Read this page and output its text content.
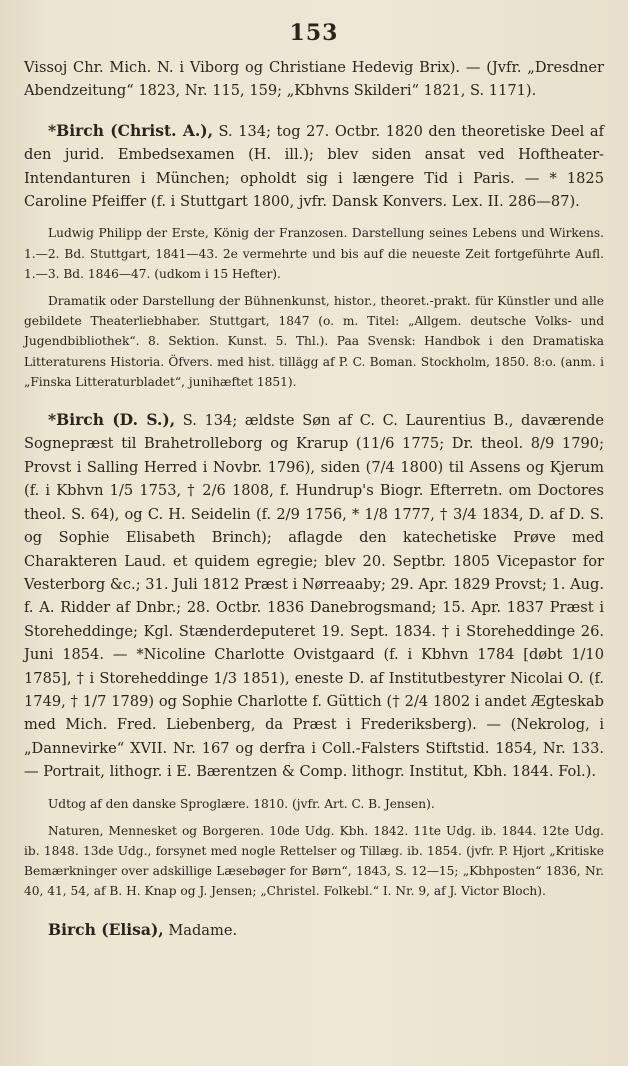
153

Vissoj Chr. Mich. N. i Viborg og Christiane Hedevig Brix). — (Jvfr. „Dresdner Abendzeitung“ 1823, Nr. 115, 159; „Kbhvns Skilderi“ 1821, S. 1171).

*Birch (Christ. A.), S. 134; tog 27. Octbr. 1820 den theoretiske Deel af den jurid. Embedsexamen (H. ill.); blev siden ansat ved Hoftheater-Intendanturen i München; opholdt sig i længere Tid i Paris. — * 1825 Caroline Pfeiffer (f. i Stuttgart 1800, jvfr. Dansk Konvers. Lex. II. 286—87).

Ludwig Philipp der Erste, König der Franzosen. Darstellung seines Lebens und Wirkens. 1.—2. Bd. Stuttgart, 1841—43. 2e vermehrte und bis auf die neueste Zeit fortgeführte Aufl. 1.—3. Bd. 1846—47. (udkom i 15 Hefter).

Dramatik oder Darstellung der Bühnenkunst, histor., theoret.-prakt. für Künstler und alle gebildete Theaterliebhaber. Stuttgart, 1847 (o. m. Titel: „Allgem. deutsche Volks- und Jugendbibliothek“. 8. Sektion. Kunst. 5. Thl.). Paa Svensk: Handbok i den Dramatiska Litteraturens Historia. Öfvers. med hist. tillägg af P. C. Boman. Stockholm, 1850. 8:o. (anm. i „Finska Litteraturbladet“, junihæftet 1851).

*Birch (D. S.), S. 134; ældste Søn af C. C. Laurentius B., daværende Sognepræst til Brahetrolleborg og Krarup (11/6 1775; Dr. theol. 8/9 1790; Provst i Salling Herred i Novbr. 1796), siden (7/4 1800) til Assens og Kjerum (f. i Kbhvn 1/5 1753, † 2/6 1808, f. Hundrup's Biogr. Efterretn. om Doctores theol. S. 64), og C. H. Seidelin (f. 2/9 1756, * 1/8 1777, † 3/4 1834, D. af D. S. og Sophie Elisabeth Brinch); aflagde den katechetiske Prøve med Charakteren Laud. et quidem egregie; blev 20. Septbr. 1805 Vicepastor for Vesterborg &c.; 31. Juli 1812 Præst i Nørreaaby; 29. Apr. 1829 Provst; 1. Aug. f. A. Ridder af Dnbr.; 28. Octbr. 1836 Danebrogsmand; 15. Apr. 1837 Præst i Storeheddinge; Kgl. Stænderdeputeret 19. Sept. 1834. † i Storeheddinge 26. Juni 1854. — *Nicoline Charlotte Ovistgaard (f. i Kbhvn 1784 [døbt 1/10 1785], † i Storeheddinge 1/3 1851), eneste D. af Institutbestyrer Nicolai O. (f. 1749, † 1/7 1789) og Sophie Charlotte f. Güttich († 2/4 1802 i andet Ægteskab med Mich. Fred. Liebenberg, da Præst i Frederiksberg). — (Nekrolog, i „Dannevirke“ XVII. Nr. 167 og derfra i Coll.-Falsters Stiftstid. 1854, Nr. 133. — Portrait, lithogr. i E. Bærentzen & Comp. lithogr. Institut, Kbh. 1844. Fol.).

Udtog af den danske Sproglære. 1810. (jvfr. Art. C. B. Jensen).

Naturen, Mennesket og Borgeren. 10de Udg. Kbh. 1842. 11te Udg. ib. 1844. 12te Udg. ib. 1848. 13de Udg., forsynet med nogle Rettelser og Tillæg. ib. 1854. (jvfr. P. Hjort „Kritiske Bemærkninger over adskillige Læsebøger for Børn“, 1843, S. 12—15; „Kbhposten“ 1836, Nr. 40, 41, 54, af B. H. Knap og J. Jensen; „Christel. Folkebl.“ I. Nr. 9, af J. Victor Bloch).

Birch (Elisa), Madame.
